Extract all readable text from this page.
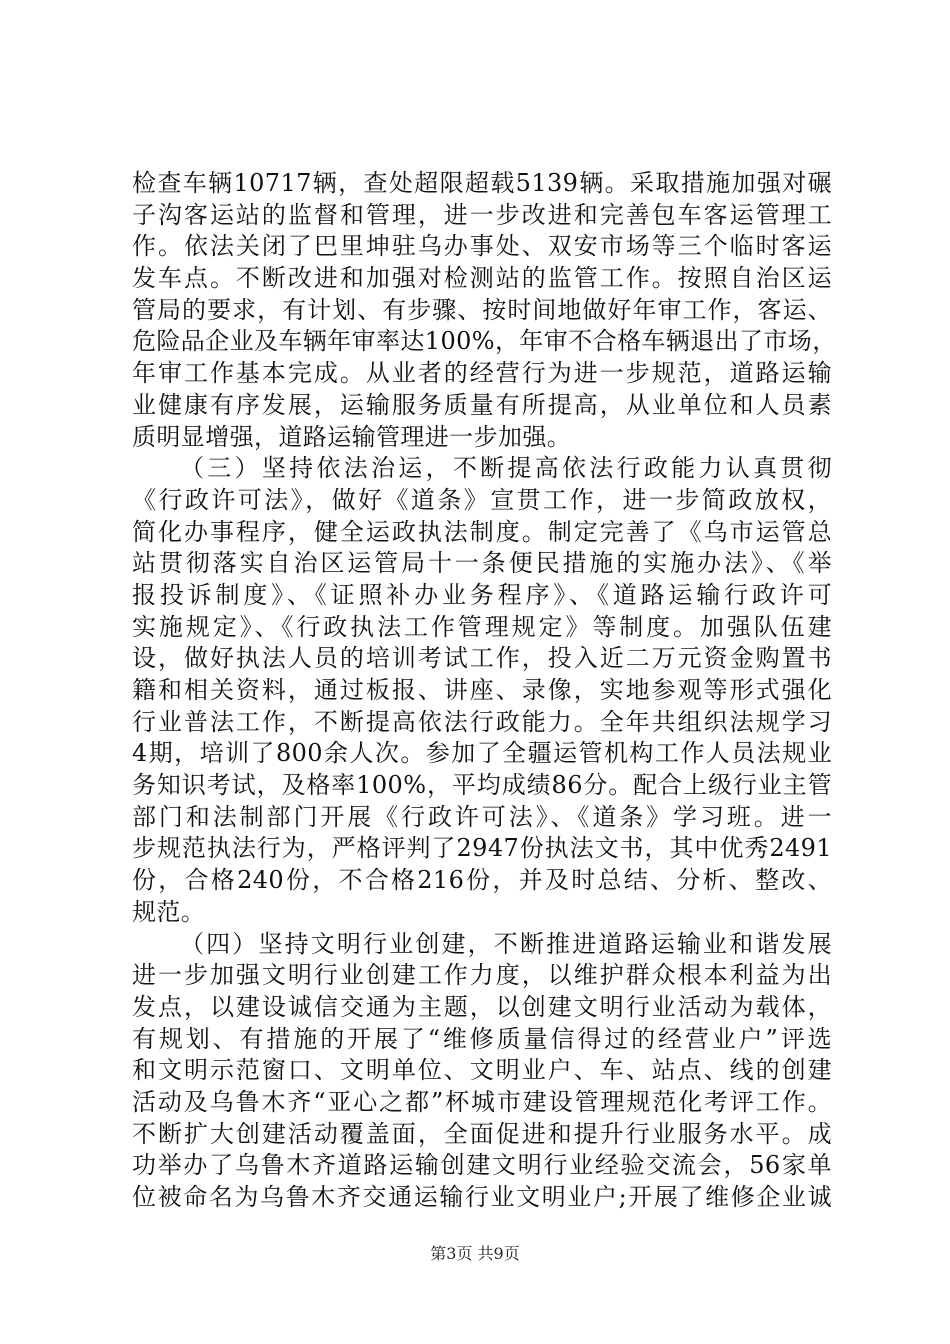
检查车辆10717辆，查处超限超载5139辆。采取措施加强对碾
子沟客运站的监督和管理，进一步改进和完善包车客运管理工
作。依法关闭了巴里坤驻乌办事处、双安市场等三个临时客运
发车点。不断改进和加强对检测站的监管工作。按照自治区运
管局的要求，有计划、有步骤、按时间地做好年审工作，客运、
危险品企业及车辆年审率达100%，年审不合格车辆退出了市场，
年审工作基本完成。从业者的经营行为进一步规范，道路运输
业健康有序发展，运输服务质量有所提高，从业单位和人员素
质明显增强，道路运输管理进一步加强。
（三）坚持依法治运，不断提高依法行政能力认真贯彻
《行政许可法》，做好《道条》宣贯工作，进一步简政放权，
简化办事程序，健全运政执法制度。制定完善了《乌市运管总
站贯彻落实自治区运管局十一条便民措施的实施办法》、《举
报投诉制度》、《证照补办业务程序》、《道路运输行政许可
实施规定》、《行政执法工作管理规定》等制度。加强队伍建
设，做好执法人员的培训考试工作，投入近二万元资金购置书
籍和相关资料，通过板报、讲座、录像，实地参观等形式强化
行业普法工作，不断提高依法行政能力。全年共组织法规学习
4期，培训了800余人次。参加了全疆运管机构工作人员法规业
务知识考试，及格率100%，平均成绩86分。配合上级行业主管
部门和法制部门开展《行政许可法》、《道条》学习班。进一
步规范执法行为，严格评判了2947份执法文书，其中优秀2491
份，合格240份，不合格216份，并及时总结、分析、整改、
规范。
（四）坚持文明行业创建，不断推进道路运输业和谐发展
进一步加强文明行业创建工作力度，以维护群众根本利益为出
发点，以建设诚信交通为主题，以创建文明行业活动为载体，
有规划、有措施的开展了“维修质量信得过的经营业户”评选
和文明示范窗口、文明单位、文明业户、车、站点、线的创建
活动及乌鲁木齐“亚心之都”杯城市建设管理规范化考评工作。
不断扩大创建活动覆盖面，全面促进和提升行业服务水平。成
功举办了乌鲁木齐道路运输创建文明行业经验交流会，56家单
位被命名为乌鲁木齐交通运输行业文明业户;开展了维修企业诚
第3页 共9页
